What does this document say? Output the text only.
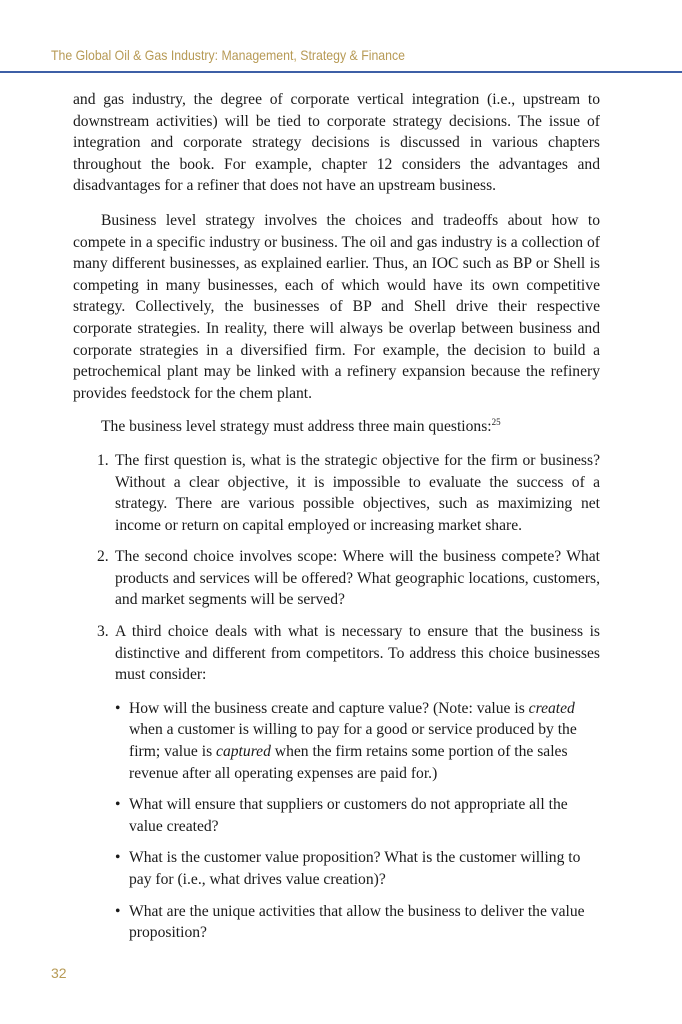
The Global Oil & Gas Industry: Management, Strategy & Finance

and gas industry, the degree of corporate vertical integration (i.e., upstream to downstream activities) will be tied to corporate strategy decisions. The issue of integration and corporate strategy decisions is discussed in various chapters throughout the book. For example, chapter 12 considers the advantages and disadvantages for a refiner that does not have an upstream business.

Business level strategy involves the choices and tradeoffs about how to compete in a specific industry or business. The oil and gas industry is a collection of many different businesses, as explained earlier. Thus, an IOC such as BP or Shell is competing in many businesses, each of which would have its own competitive strategy. Collectively, the businesses of BP and Shell drive their respective corporate strategies. In reality, there will always be overlap between business and corporate strategies in a diversified firm. For example, the decision to build a petrochemical plant may be linked with a refinery expansion because the refinery provides feedstock for the chem plant.

The business level strategy must address three main questions:$^{25}$

1. The first question is, what is the strategic objective for the firm or business? Without a clear objective, it is impossible to evaluate the success of a strategy. There are various possible objectives, such as maximizing net income or return on capital employed or increasing market share.
2. The second choice involves scope: Where will the business compete? What products and services will be offered? What geographic locations, customers, and market segments will be served?
3. A third choice deals with what is necessary to ensure that the business is distinctive and different from competitors. To address this choice businesses must consider:
• How will the business create and capture value? (Note: value is created when a customer is willing to pay for a good or service produced by the firm; value is captured when the firm retains some portion of the sales revenue after all operating expenses are paid for.)
• What will ensure that suppliers or customers do not appropriate all the value created?
• What is the customer value proposition? What is the customer willing to pay for (i.e., what drives value creation)?
• What are the unique activities that allow the business to deliver the value proposition?
32
